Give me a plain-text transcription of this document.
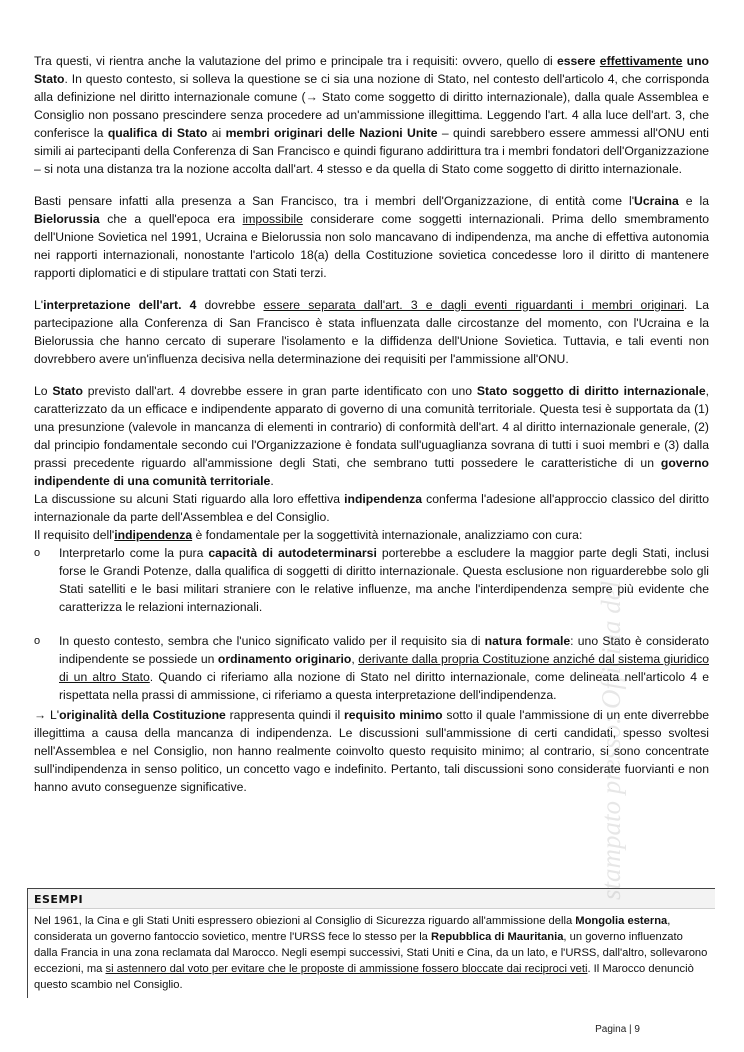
Tra questi, vi rientra anche la valutazione del primo e principale tra i requisiti: ovvero, quello di essere effettivamente uno Stato. In questo contesto, si solleva la questione se ci sia una nozione di Stato, nel contesto dell'articolo 4, che corrisponda alla definizione nel diritto internazionale comune (→ Stato come soggetto di diritto internazionale), dalla quale Assemblea e Consiglio non possano prescindere senza procedere ad un'ammissione illegittima. Leggendo l'art. 4 alla luce dell'art. 3, che conferisce la qualifica di Stato ai membri originari delle Nazioni Unite – quindi sarebbero essere ammessi all'ONU enti simili ai partecipanti della Conferenza di San Francisco e quindi figurano addirittura tra i membri fondatori dell'Organizzazione – si nota una distanza tra la nozione accolta dall'art. 4 stesso e da quella di Stato come soggetto di diritto internazionale.

Basti pensare infatti alla presenza a San Francisco, tra i membri dell'Organizzazione, di entità come l'Ucraina e la Bielorussia che a quell'epoca era impossibile considerare come soggetti internazionali. Prima dello smembramento dell'Unione Sovietica nel 1991, Ucraina e Bielorussia non solo mancavano di indipendenza, ma anche di effettiva autonomia nei rapporti internazionali, nonostante l'articolo 18(a) della Costituzione sovietica concedesse loro il diritto di mantenere rapporti diplomatici e di stipulare trattati con Stati terzi.

L'interpretazione dell'art. 4 dovrebbe essere separata dall'art. 3 e dagli eventi riguardanti i membri originari. La partecipazione alla Conferenza di San Francisco è stata influenzata dalle circostanze del momento, con l'Ucraina e la Bielorussia che hanno cercato di superare l'isolamento e la diffidenza dell'Unione Sovietica. Tuttavia, e tali eventi non dovrebbero avere un'influenza decisiva nella determinazione dei requisiti per l'ammissione all'ONU.

Lo Stato previsto dall'art. 4 dovrebbe essere in gran parte identificato con uno Stato soggetto di diritto internazionale, caratterizzato da un efficace e indipendente apparato di governo di una comunità territoriale. Questa tesi è supportata da (1) una presunzione (valevole in mancanza di elementi in contrario) di conformità dell'art. 4 al diritto internazionale generale, (2) dal principio fondamentale secondo cui l'Organizzazione è fondata sull'uguaglianza sovrana di tutti i suoi membri e (3) dalla prassi precedente riguardo all'ammissione degli Stati, che sembrano tutti possedere le caratteristiche di un governo indipendente di una comunità territoriale.
La discussione su alcuni Stati riguardo alla loro effettiva indipendenza conferma l'adesione all'approccio classico del diritto internazionale da parte dell'Assemblea e del Consiglio.

Il requisito dell'indipendenza è fondamentale per la soggettività internazionale, analizziamo con cura:

o Interpretarlo come la pura capacità di autodeterminarsi porterebbe a escludere la maggior parte degli Stati, inclusi forse le Grandi Potenze, dalla qualifica di soggetti di diritto internazionale. Questa esclusione non riguarderebbe solo gli Stati satelliti e le basi militari straniere con le relative influenze, ma anche l'interdipendenza sempre più evidente che caratterizza le relazioni internazionali.
o In questo contesto, sembra che l'unico significato valido per il requisito sia di natura formale: uno Stato è considerato indipendente se possiede un ordinamento originario, derivante dalla propria Costituzione anziché dal sistema giuridico di un altro Stato. Quando ci riferiamo alla nozione di Stato nel diritto internazionale, come delineata nell'articolo 4 e rispettata nella prassi di ammissione, ci riferiamo a questa interpretazione dell'indipendenza.

→ L'originalità della Costituzione rappresenta quindi il requisito minimo sotto il quale l'ammissione di un ente diverrebbe illegittima a causa della mancanza di indipendenza. Le discussioni sull'ammissione di certi candidati, spesso svoltesi nell'Assemblea e nel Consiglio, non hanno realmente coinvolto questo requisito minimo; al contrario, si sono concentrate sull'indipendenza in senso politico, un concetto vago e indefinito. Pertanto, tali discussioni sono considerate fuorvianti e non hanno avuto conseguenze significative.

ESEMPI
Nel 1961, la Cina e gli Stati Uniti espressero obiezioni al Consiglio di Sicurezza riguardo all'ammissione della Mongolia esterna, considerata un governo fantoccio sovietico, mentre l'URSS fece lo stesso per la Repubblica di Mauritania, un governo influenzato dalla Francia in una zona reclamata dal Marocco. Negli esempi successivi, Stati Uniti e Cina, da un lato, e l'URSS, dall'altro, sollevarono eccezioni, ma si astennero dal voto per evitare che le proposte di ammissione fossero bloccate dai reciproci veti. Il Marocco denunciò questo scambio nel Consiglio.
stampato presso: Officina del
Pagina | 9
